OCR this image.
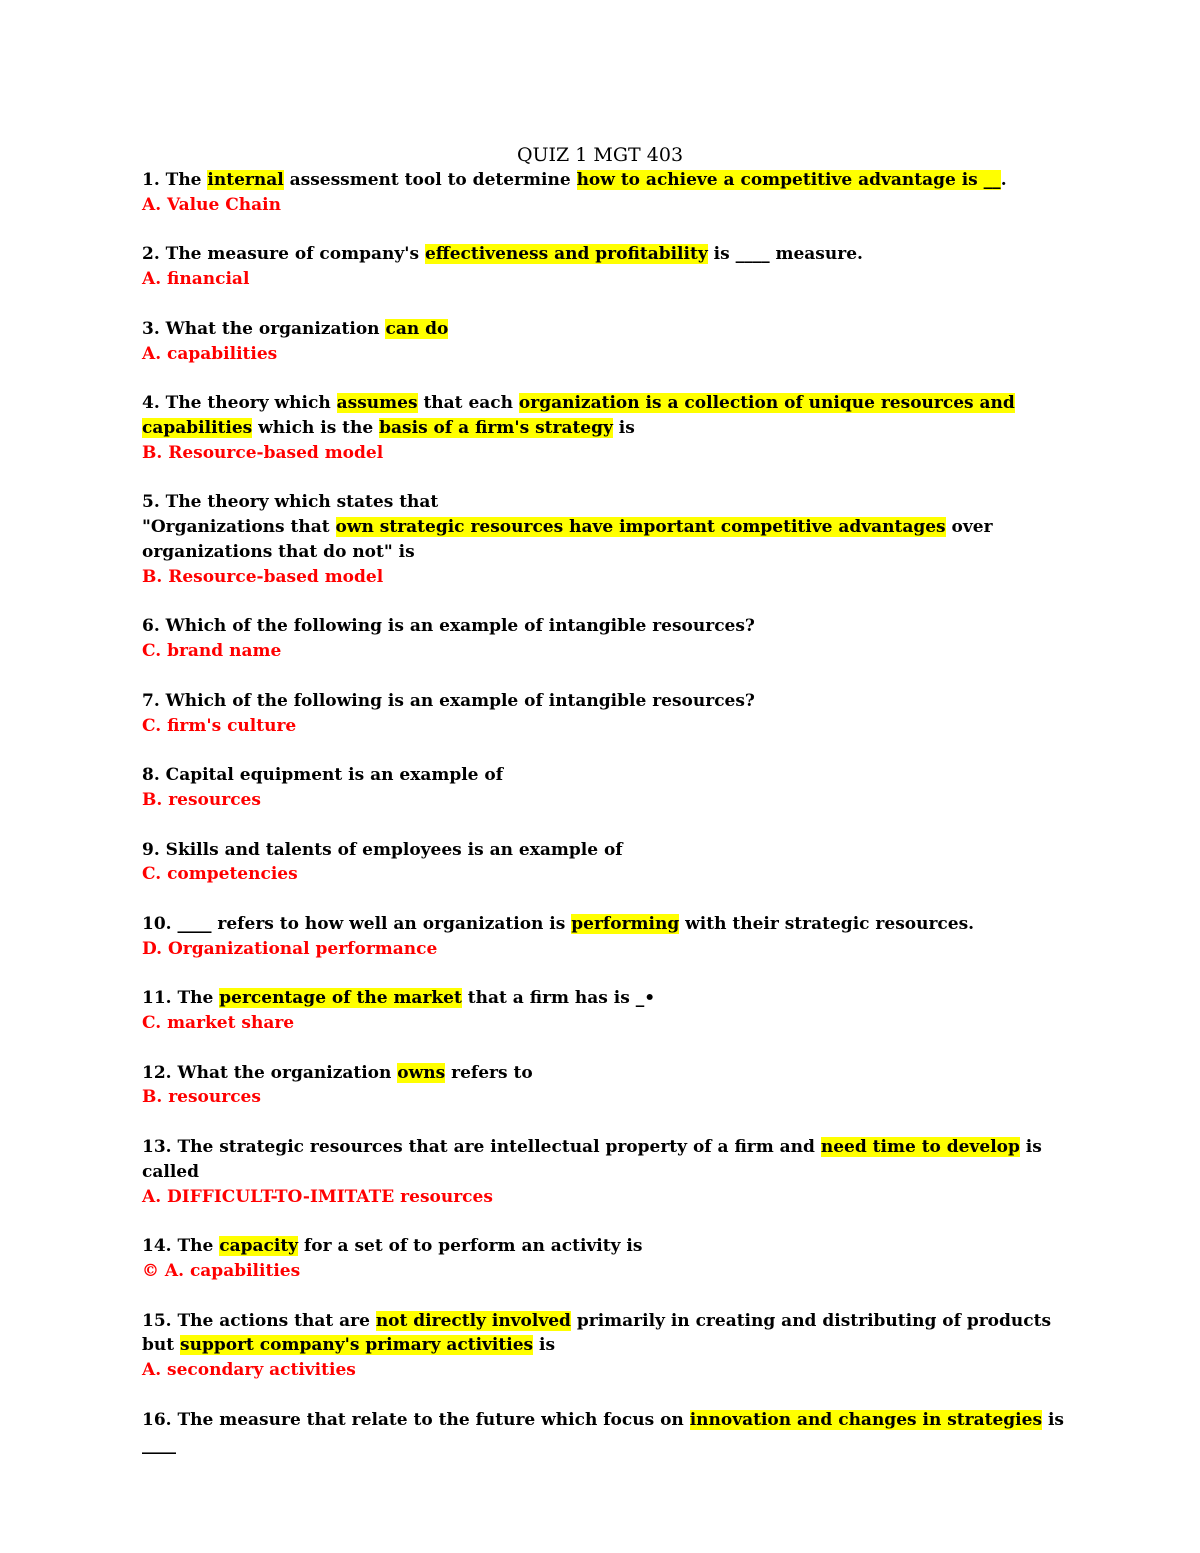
QUIZ 1 MGT 403

1. The internal assessment tool to determine how to achieve a competitive advantage is __.

A. Value Chain

2. The measure of company's effectiveness and profitability is ____ measure.

A. financial

3. What the organization can do

A. capabilities

4. The theory which assumes that each organization is a collection of unique resources and capabilities which is the basis of a firm's strategy is

B. Resource-based model

5. The theory which states that
"Organizations that own strategic resources have important competitive advantages over organizations that do not" is

B. Resource-based model

6. Which of the following is an example of intangible resources?

C. brand name

7. Which of the following is an example of intangible resources?

C. firm's culture

8. Capital equipment is an example of

B. resources

9. Skills and talents of employees is an example of

C. competencies

10. ____ refers to how well an organization is performing with their strategic resources.

D. Organizational performance

11. The percentage of the market that a firm has is _•

C. market share

12. What the organization owns refers to

B. resources

13. The strategic resources that are intellectual property of a firm and need time to develop is called

A. DIFFICULT-TO-IMITATE resources

14. The capacity for a set of to perform an activity is

© A. capabilities

15. The actions that are not directly involved primarily in creating and distributing of products but support company's primary activities is

A. secondary activities

16. The measure that relate to the future which focus on innovation and changes in strategies is ____
